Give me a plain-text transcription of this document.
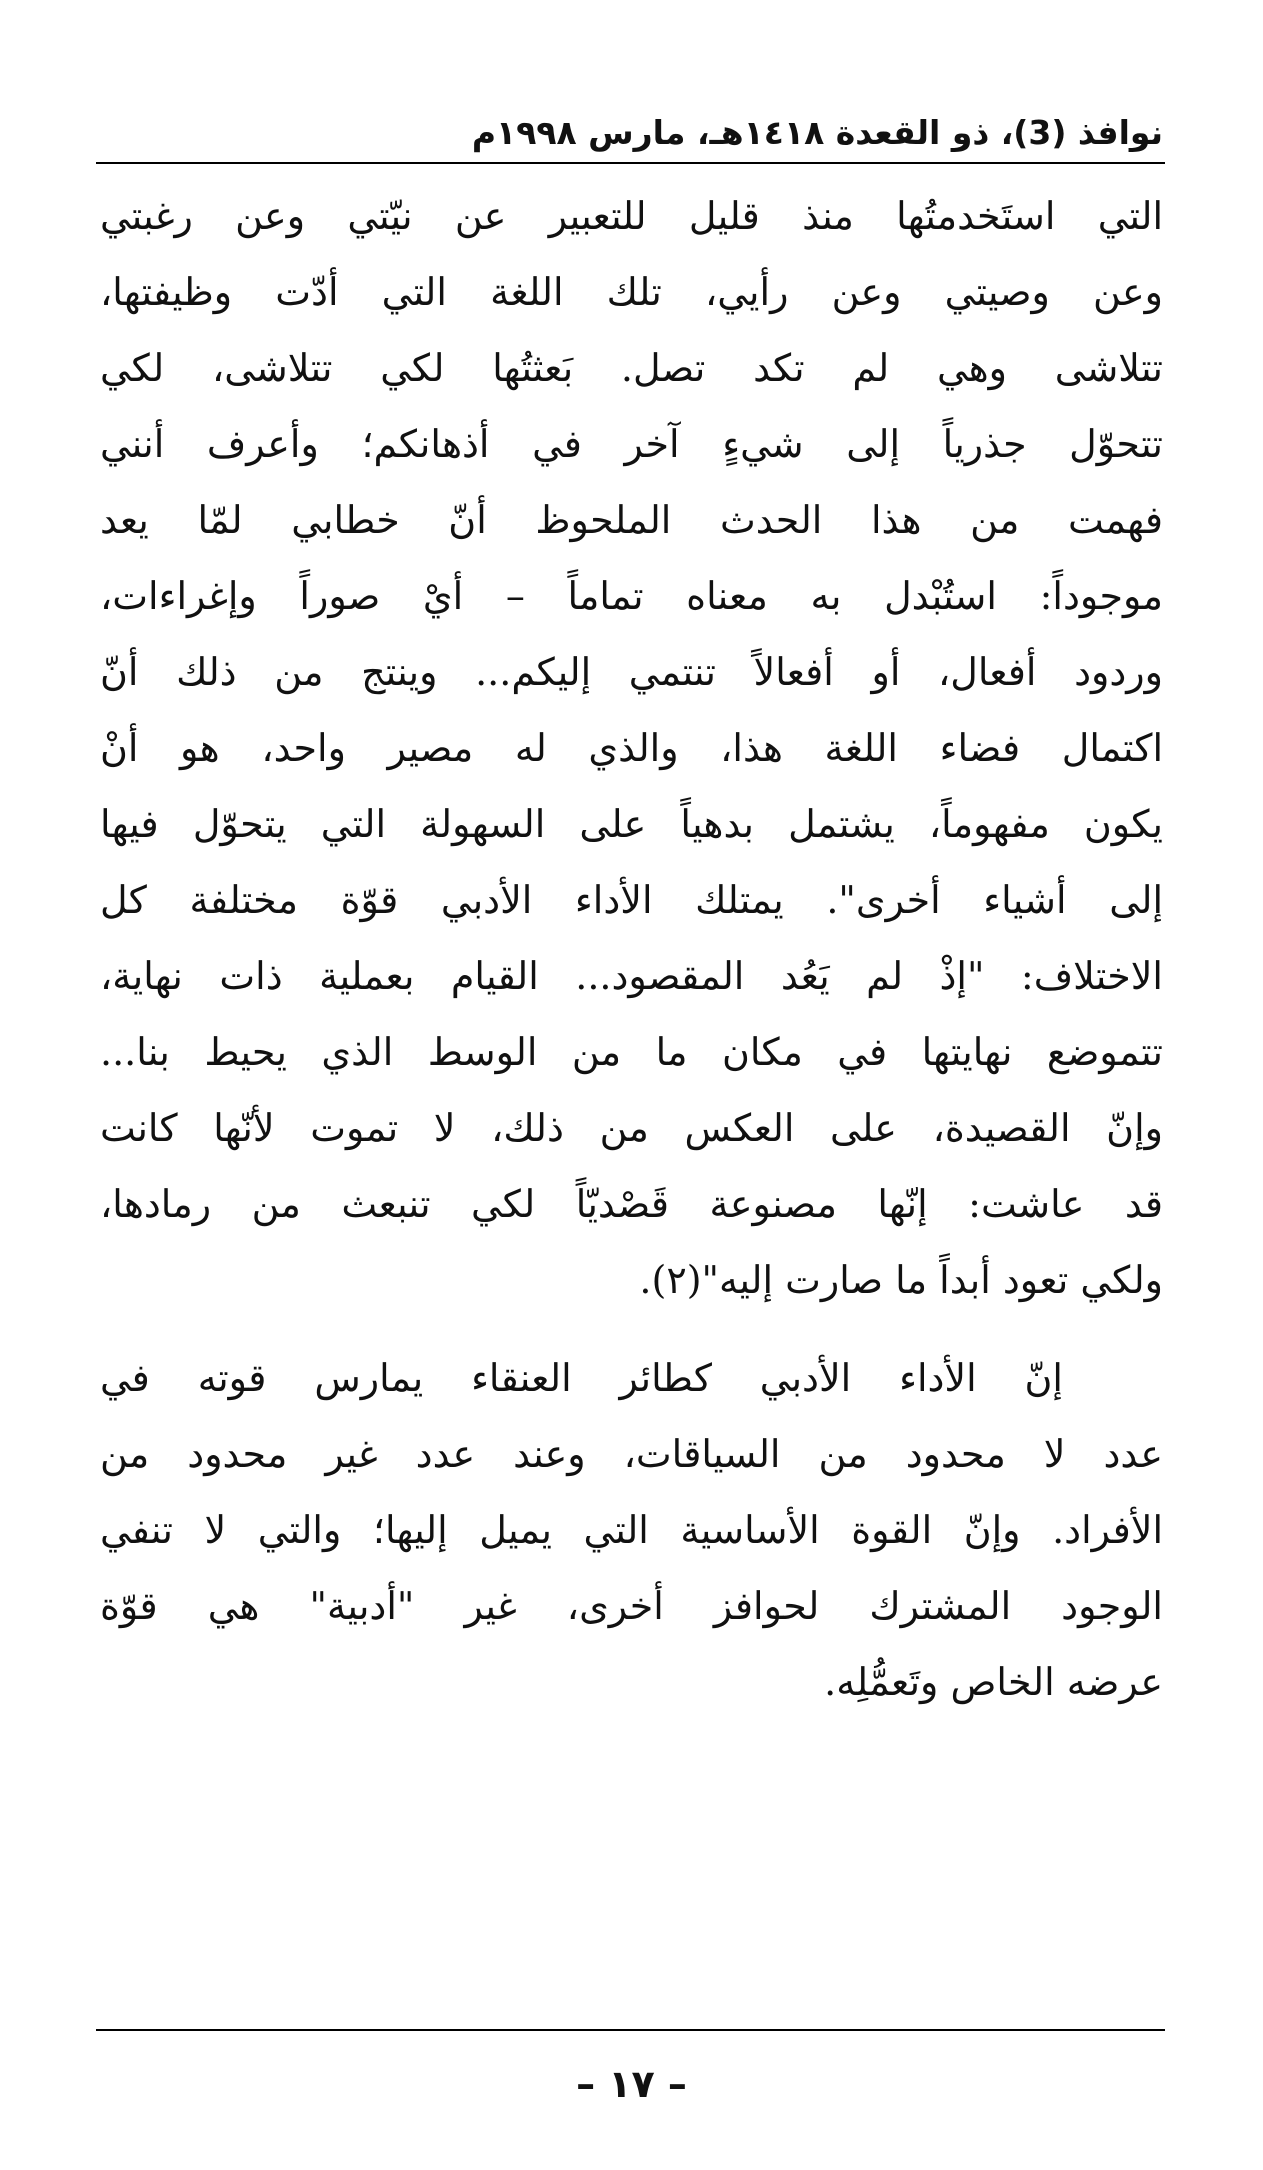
نوافذ (3)، ذو القعدة ١٤١٨هـ، مارس ١٩٩٨م
التي استَخدمتُها منذ قليل للتعبير عن نيّتي وعن رغبتي
وعن وصيتي وعن رأيي، تلك اللغة التي أدّت وظيفتها،
تتلاشى وهي لم تكد تصل. بَعثتُها لكي تتلاشى، لكي
تتحوّل جذرياً إلى شيءٍ آخر في أذهانكم؛ وأعرف أنني
فهمت من هذا الحدث الملحوظ أنّ خطابي لمّا يعد
موجوداً: استُبْدل به معناه تماماً – أيْ صوراً وإغراءات،
وردود أفعال، أو أفعالاً تنتمي إليكم... وينتج من ذلك أنّ
اكتمال فضاء اللغة هذا، والذي له مصير واحد، هو أنْ
يكون مفهوماً، يشتمل بدهياً على السهولة التي يتحوّل فيها
إلى أشياء أخرى". يمتلك الأداء الأدبي قوّة مختلفة كل
الاختلاف: "إذْ لم يَعُد المقصود... القيام بعملية ذات نهاية،
تتموضع نهايتها في مكان ما من الوسط الذي يحيط بنا...
وإنّ القصيدة، على العكس من ذلك، لا تموت لأنّها كانت
قد عاشت: إنّها مصنوعة قَصْديّاً لكي تنبعث من رمادها،
ولكي تعود أبداً ما صارت إليه"(٢).
إنّ الأداء الأدبي كطائر العنقاء يمارس قوته في
عدد لا محدود من السياقات، وعند عدد غير محدود من
الأفراد. وإنّ القوة الأساسية التي يميل إليها؛ والتي لا تنفي
الوجود المشترك لحوافز أخرى، غير "أدبية" هي قوّة
عرضه الخاص وتَعمُّلِه.
– ١٧ –
